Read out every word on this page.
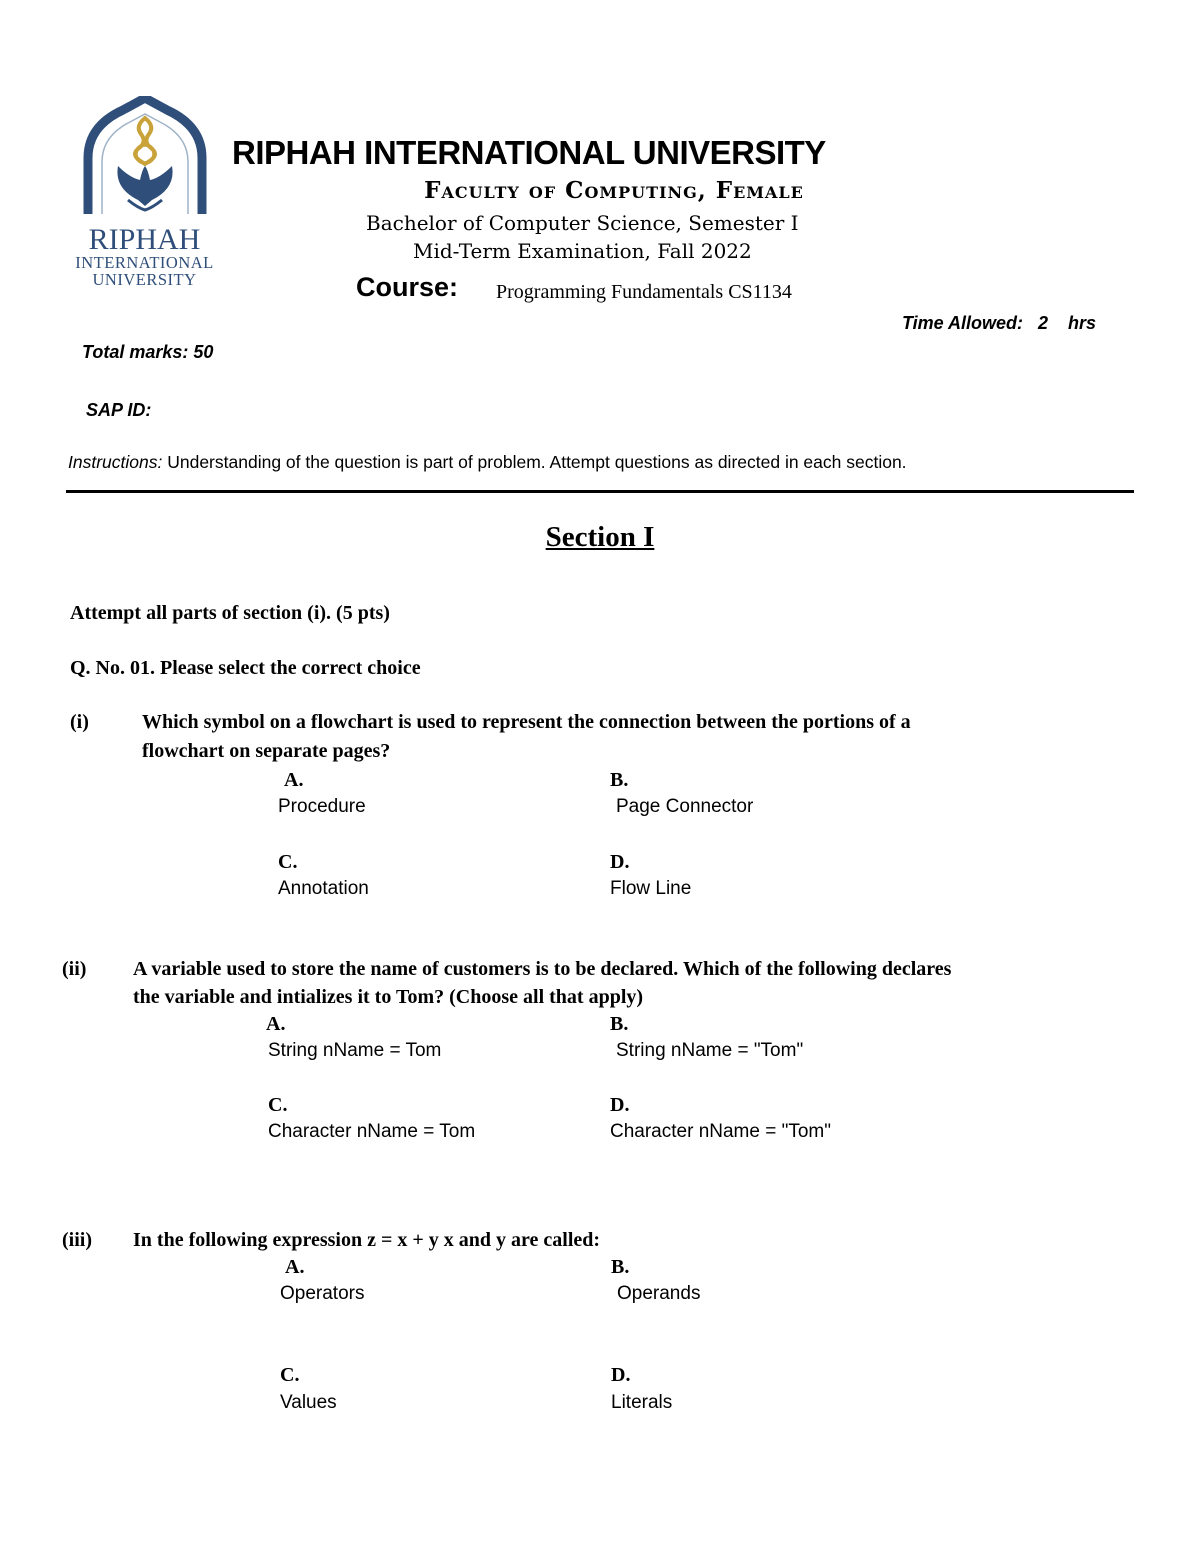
RIPHAH
INTERNATIONAL
UNIVERSITY
RIPHAH INTERNATIONAL UNIVERSITY
Faculty of Computing, Female
Bachelor of Computer Science, Semester I
Mid-Term Examination, Fall 2022
Course: Programming Fundamentals CS1134
Time Allowed:   2    hrs
Total marks: 50
SAP ID:
Instructions: Understanding of the question is part of problem. Attempt questions as directed in each section.
Section I
Attempt all parts of section (i). (5 pts)
Q. No. 01. Please select the correct choice
(i)	Which symbol on a flowchart is used to represent the connection between the portions of a
flowchart on separate pages?
A.
Procedure
B.
Page Connector
C.
Annotation
D.
Flow Line
(ii) A variable used to store the name of customers is to be declared. Which of the following declares
the variable and intializes it to Tom? (Choose all that apply)
A.
String nName = Tom
B.
String nName = "Tom"
C.
Character nName = Tom
D.
Character nName = "Tom"
(iii) In the following expression z = x + y x and y are called:
A.
Operators
B.
Operands
C.
Values
D.
Literals
